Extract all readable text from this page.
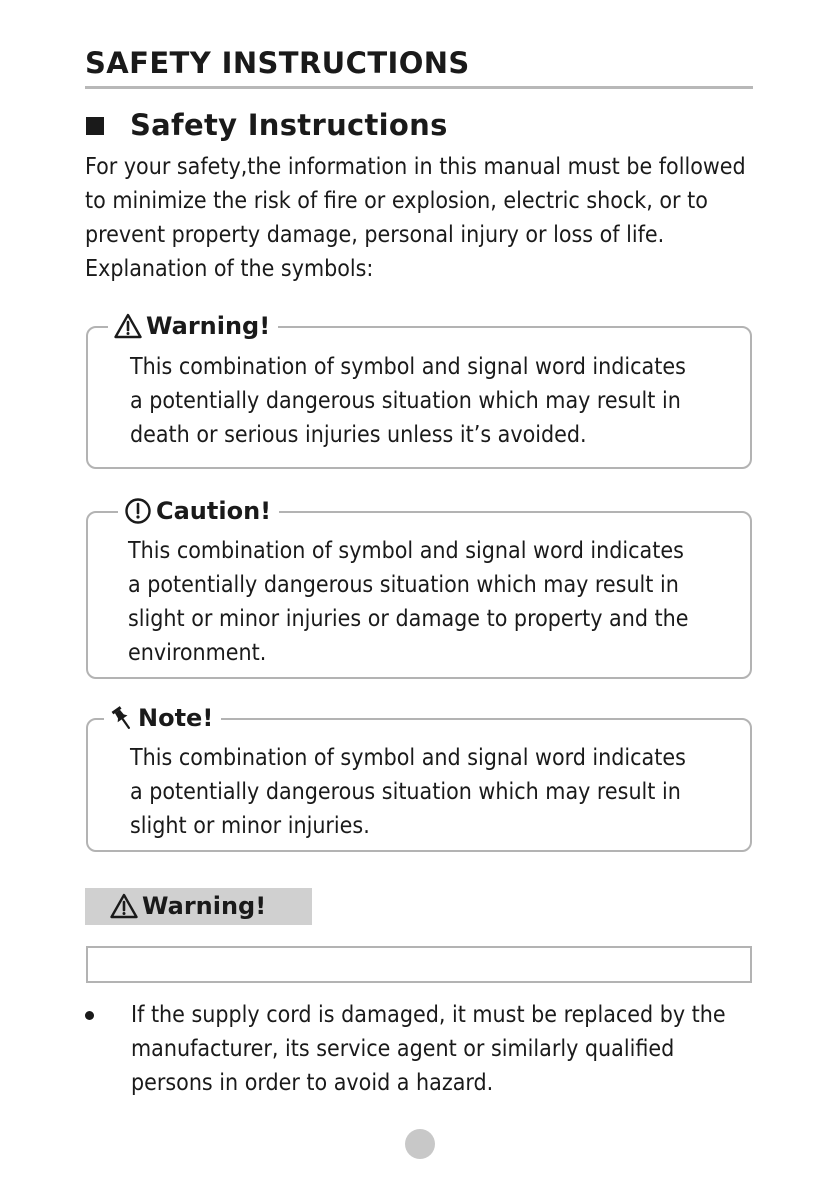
SAFETY INSTRUCTIONS
Safety Instructions

For your safety,the information in this manual must be followed

to minimize the risk of fire or explosion, electric shock, or to

prevent property damage, personal injury or loss of life.

Explanation of the symbols:

Warning!

This combination of symbol and signal word indicates

a potentially dangerous situation which may result in

death or serious injuries unless it’s avoided.

Caution!

This combination of symbol and signal word indicates

a potentially dangerous situation which may result in

slight or minor injuries or damage to property and the

environment.

Note!

This combination of symbol and signal word indicates

a potentially dangerous situation which may result in

slight or minor injuries.

Warning!

If the supply cord is damaged, it must be replaced by the

manufacturer, its service agent or similarly qualified

persons in order to avoid a hazard.
